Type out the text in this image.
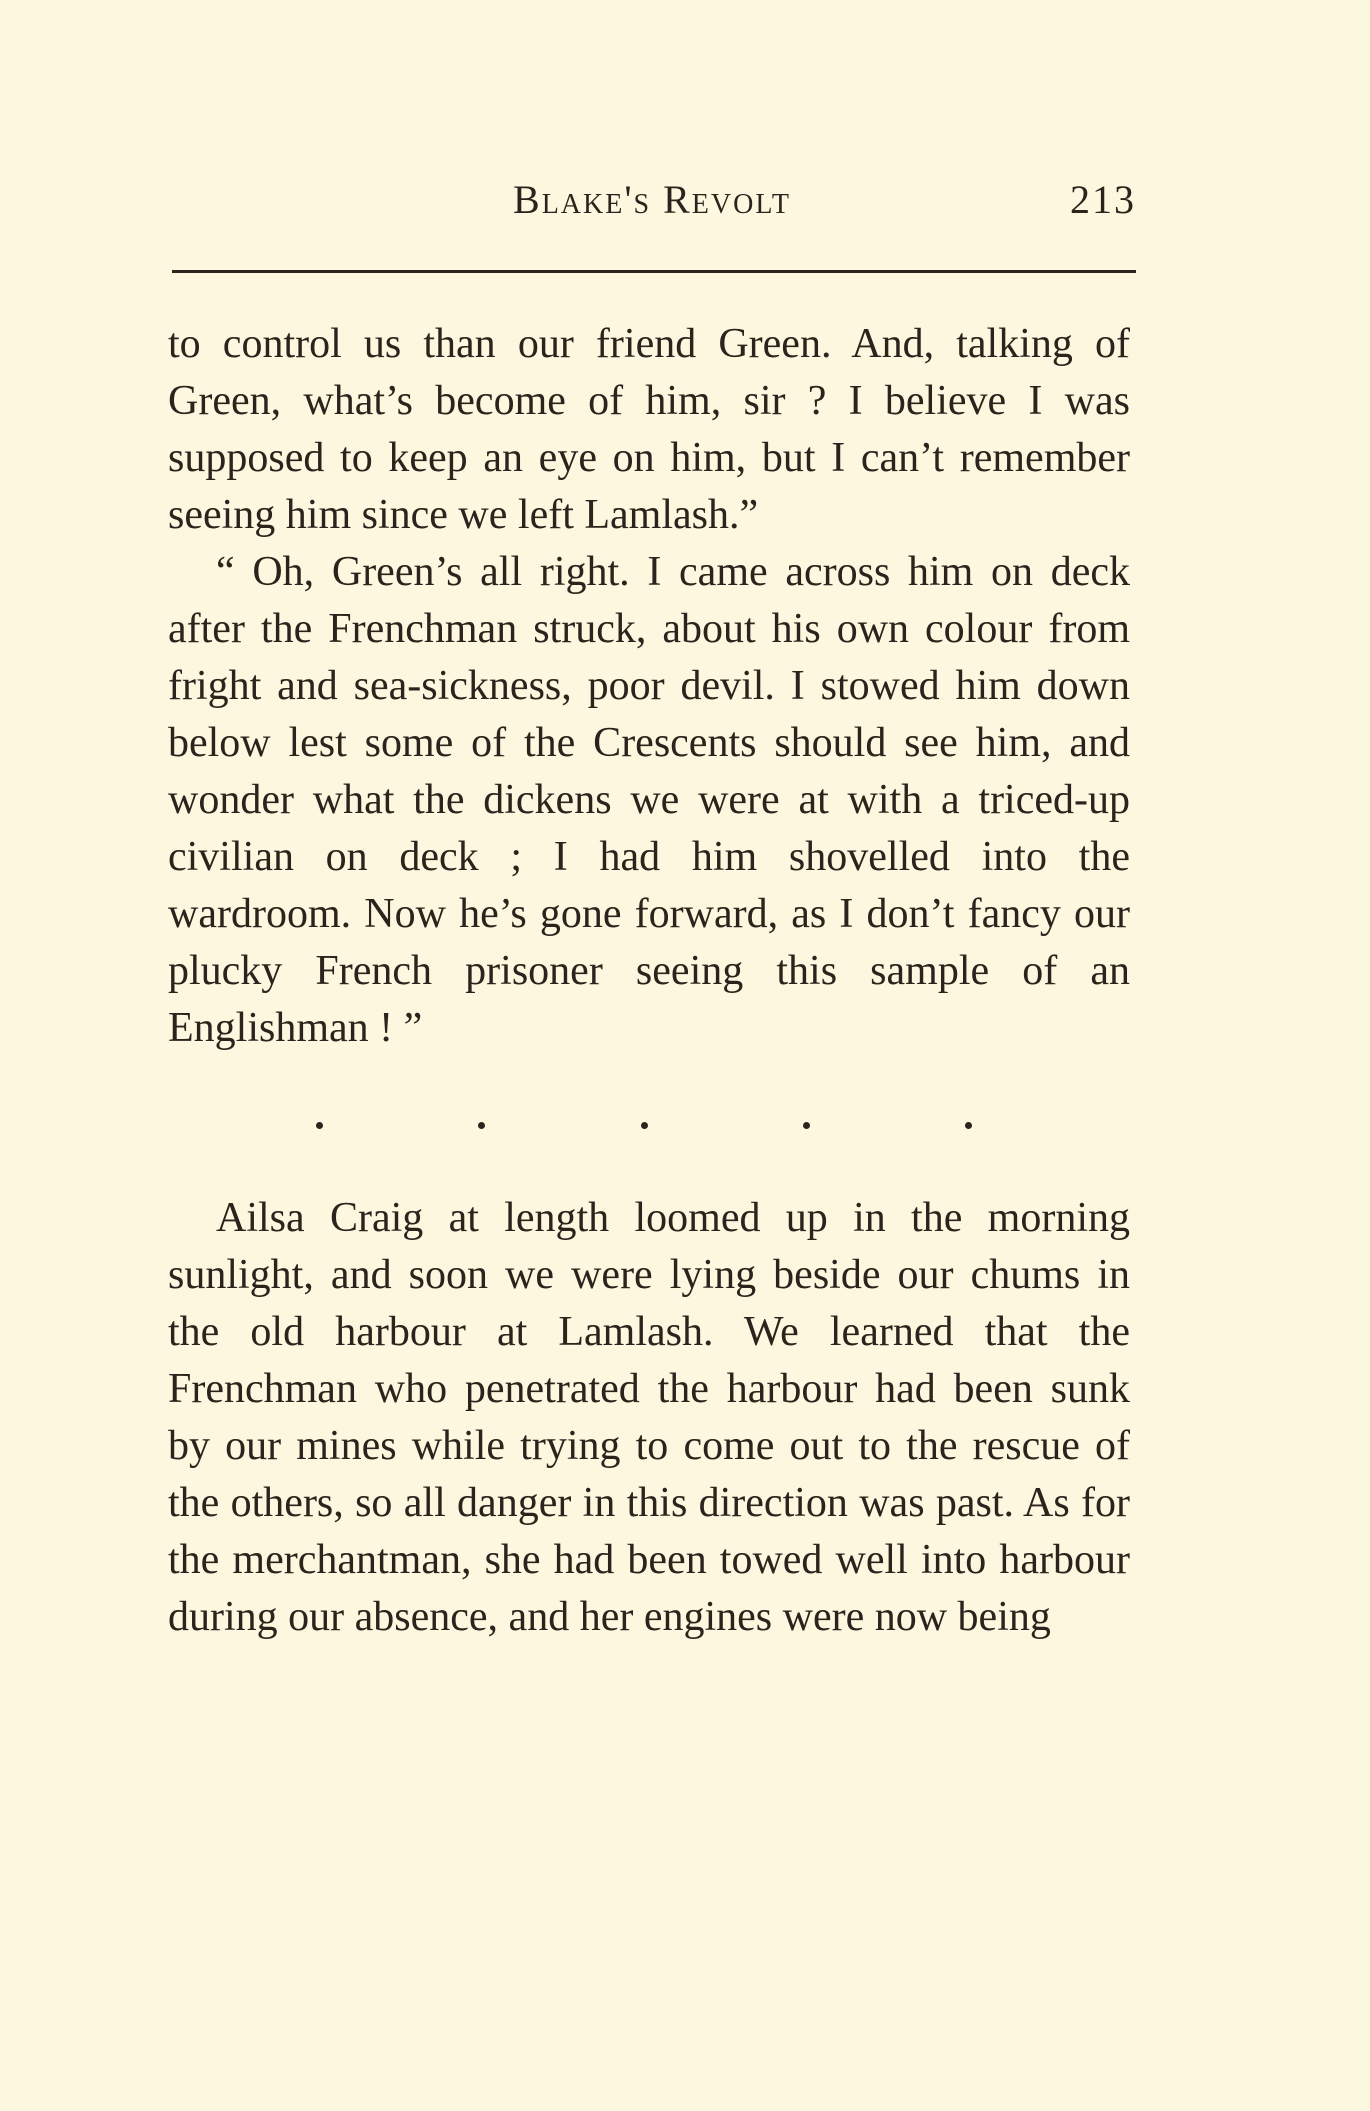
Blake's Revolt	213

to control us than our friend Green. And, talking of Green, what’s become of him, sir ? I believe I was supposed to keep an eye on him, but I can’t remember seeing him since we left Lamlash.”

“ Oh, Green’s all right. I came across him on deck after the Frenchman struck, about his own colour from fright and sea-sickness, poor devil. I stowed him down below lest some of the Crescents should see him, and wonder what the dickens we were at with a triced-up civilian on deck ; I had him shovelled into the wardroom. Now he’s gone forward, as I don’t fancy our plucky French prisoner seeing this sample of an Englishman ! ”

Ailsa Craig at length loomed up in the morning sunlight, and soon we were lying beside our chums in the old harbour at Lamlash. We learned that the Frenchman who penetrated the harbour had been sunk by our mines while trying to come out to the rescue of the others, so all danger in this direction was past. As for the merchantman, she had been towed well into harbour during our absence, and her engines were now being
